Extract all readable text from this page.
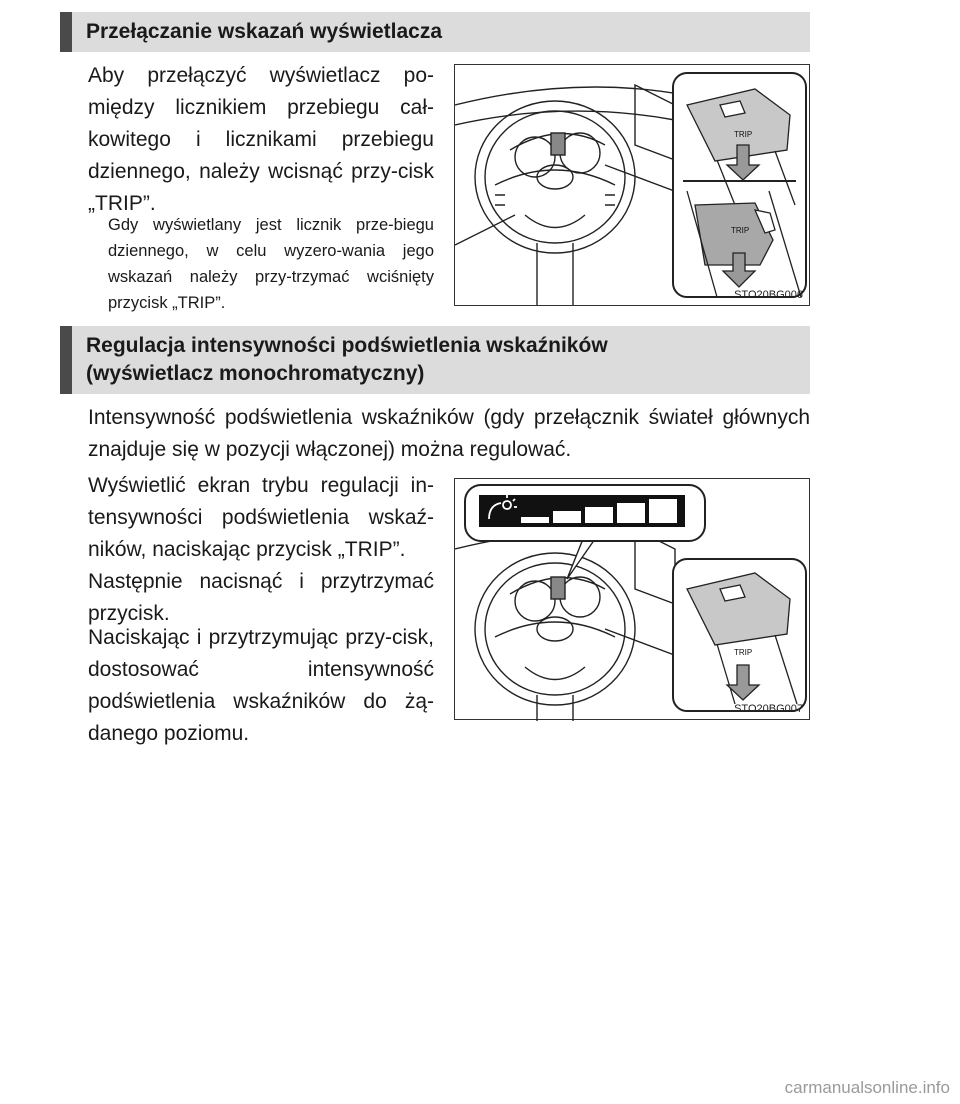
Przełączanie wskazań wyświetlacza

Aby przełączyć wyświetlacz po-między licznikiem przebiegu cał-kowitego i licznikami przebiegu dziennego, należy wcisnąć przy-cisk „TRIP”.

Gdy wyświetlany jest licznik prze-biegu dziennego, w celu wyzero-wania jego wskazań należy przy-trzymać wciśnięty przycisk „TRIP”.

TRIP
TRIP
STO20BG006
Regulacja intensywności podświetlenia wskaźników
(wyświetlacz monochromatyczny)

Intensywność podświetlenia wskaźników (gdy przełącznik świateł głównych znajduje się w pozycji włączonej) można regulować.

Wyświetlić ekran trybu regulacji in-tensywności podświetlenia wskaź-ników, naciskając przycisk „TRIP”.

Następnie nacisnąć i przytrzymać przycisk.

Naciskając i przytrzymując przy-cisk, dostosować intensywność podświetlenia wskaźników do żą-danego poziomu.

TRIP
STO20BG007
carmanualsonline.info
